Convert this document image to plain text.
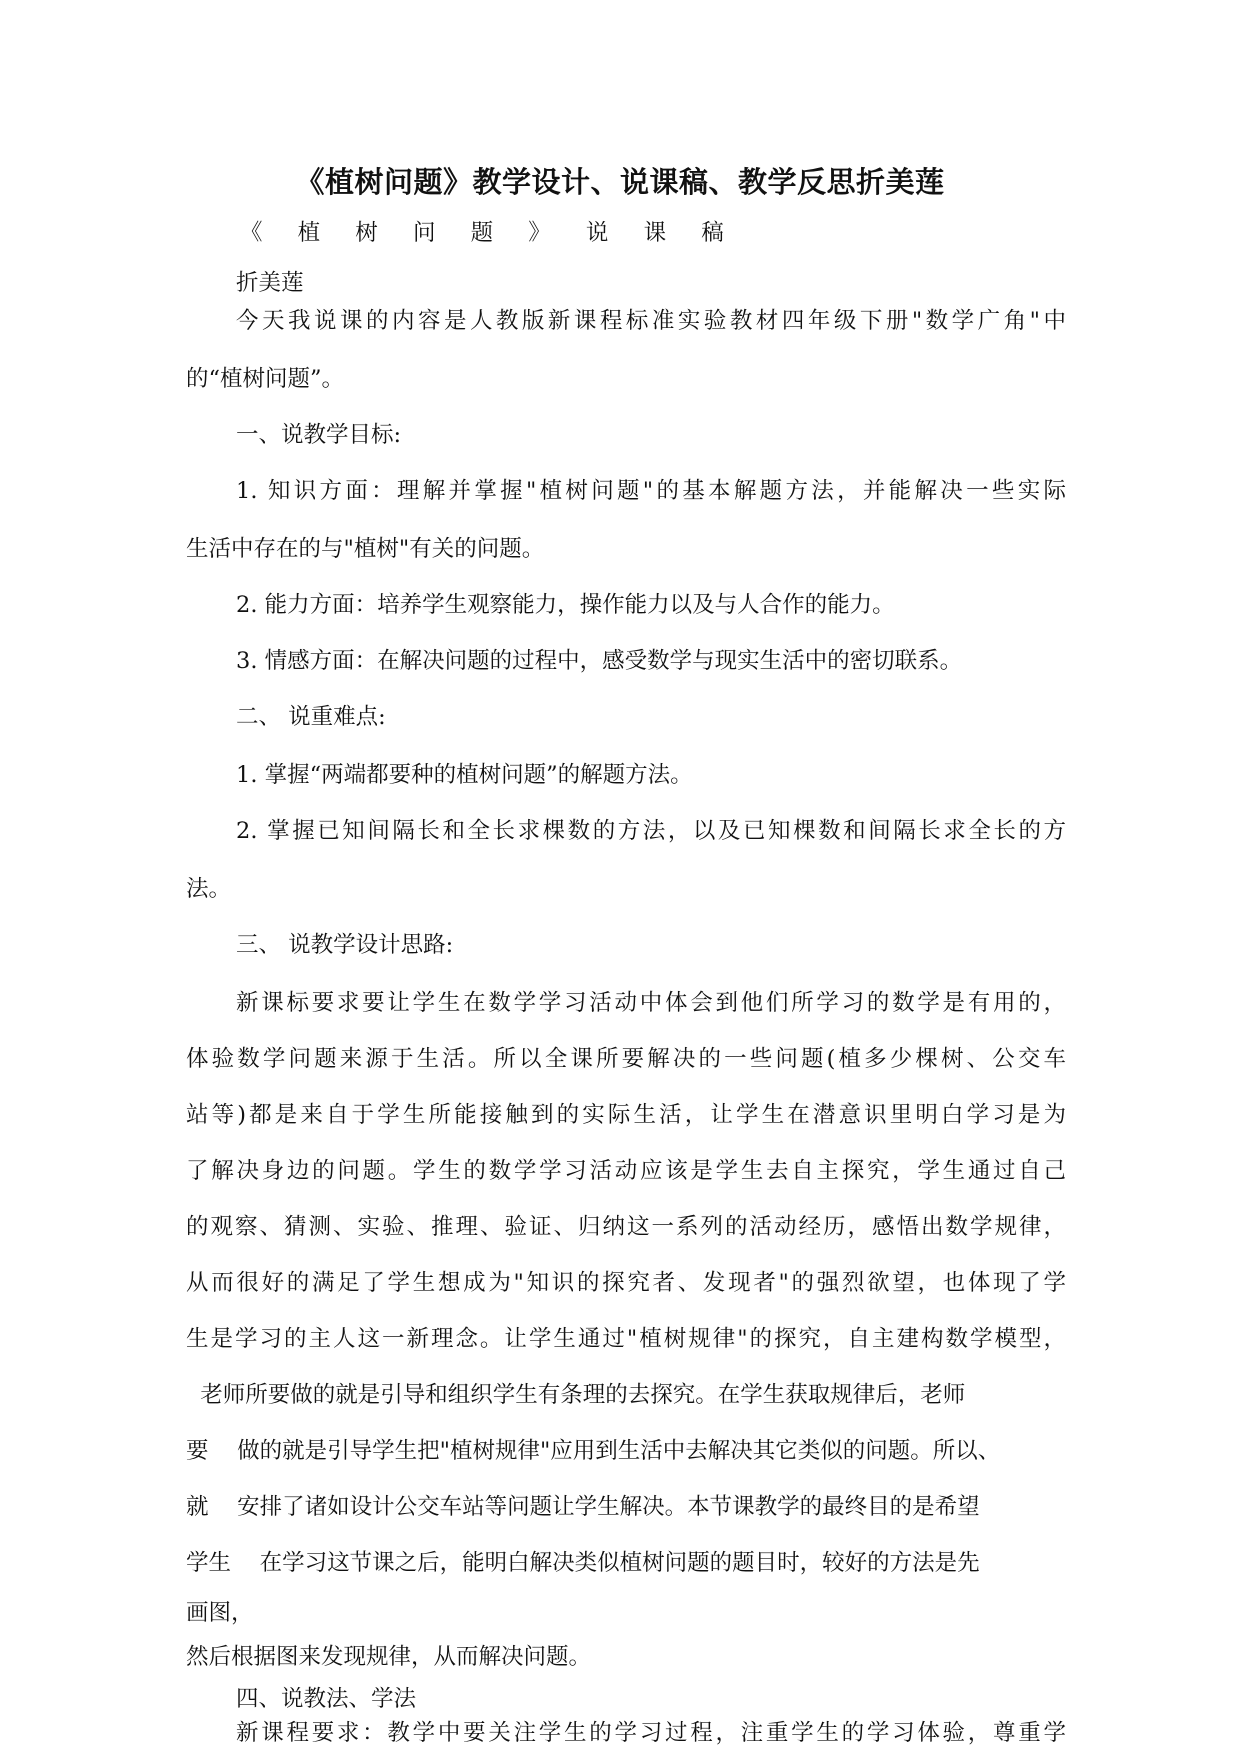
《植树问题》教学设计、说课稿、教学反思折美莲
《 植 树 问 题 》 说 课 稿
折美莲
今天我说课的内容是人教版新课程标准实验教材四年级下册"数学广角"中
的“植树问题”。
一、说教学目标:
1. 知识方面：理解并掌握"植树问题"的基本解题方法，并能解决一些实际
生活中存在的与"植树"有关的问题。
2. 能力方面：培养学生观察能力，操作能力以及与人合作的能力。
3. 情感方面：在解决问题的过程中，感受数学与现实生活中的密切联系。
二、 说重难点:
1. 掌握“两端都要种的植树问题”的解题方法。
2. 掌握已知间隔长和全长求棵数的方法，以及已知棵数和间隔长求全长的方
法。
三、 说教学设计思路:
新课标要求要让学生在数学学习活动中体会到他们所学习的数学是有用的，
体验数学问题来源于生活。所以全课所要解决的一些问题(植多少棵树、公交车
站等)都是来自于学生所能接触到的实际生活，让学生在潜意识里明白学习是为
了解决身边的问题。学生的数学学习活动应该是学生去自主探究，学生通过自己
的观察、猜测、实验、推理、验证、归纳这一系列的活动经历，感悟出数学规律，
从而很好的满足了学生想成为"知识的探究者、发现者"的强烈欲望，也体现了学
生是学习的主人这一新理念。让学生通过"植树规律"的探究，自主建构数学模型，
老师所要做的就是引导和组织学生有条理的去探究。在学生获取规律后，老师
要    做的就是引导学生把"植树规律"应用到生活中去解决其它类似的问题。所以、
就    安排了诸如设计公交车站等问题让学生解决。本节课教学的最终目的是希望
学生    在学习这节课之后，能明白解决类似植树问题的题目时，较好的方法是先
画图，
然后根据图来发现规律，从而解决问题。
四、说教法、学法
新课程要求：教学中要关注学生的学习过程，注重学生的学习体验，尊重学
